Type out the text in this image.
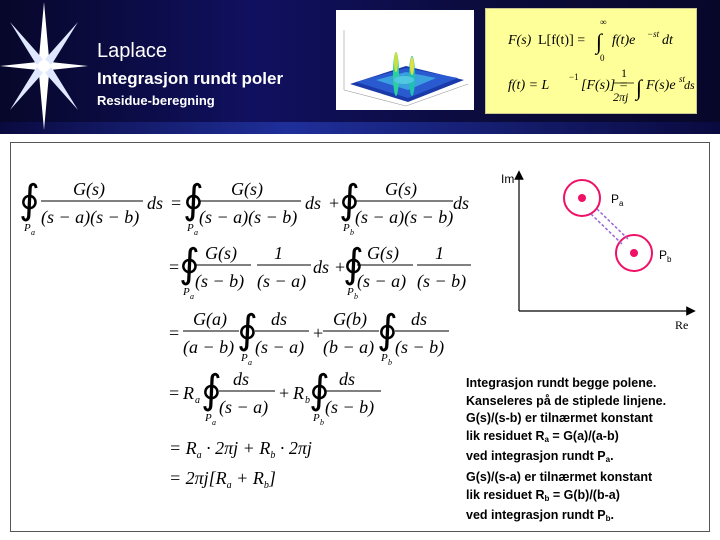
Laplace
Integrasjon rundt poler
Residue-beregning
F(s) L[f(t)] =
∞
∫
0
f(t)e −st dt
f(t) = L
−1
[F(s)] =
1
2πj ∫ F(s)e st
ds
∮
P a
G(s)
(s − a)(s − b)
ds = ∮
P a
G(s)
(s − a)(s − b)
ds + ∮
P b
G(s)
(s − a)(s − b)
ds
= ∮
P a
G(s)
(s − b)
1
(s − a)
ds +
∮
P b
G(s)
(s − a)
1
(s − b)
=
G(a)
(a − b) ∮
P a
ds
(s − a)
+
G(b)
(b − a) ∮
P b
ds
(s − b)
= R a ∮
P a
ds
(s − a)
+ R b ∮
P b
ds
(s − b)
= $R_a \cdot 2\pi j + R_b \cdot 2\pi j$
= $2\pi j[R_a + R_b]$
Im
Re
$P_a$
$P_b$
Integrasjon rundt begge polene.
Kanseleres på de stiplede linjene.
G(s)/(s-b) er tilnærmet konstant
lik residuet $R_a = G(a)/(a-b)$
ved integrasjon rundt $P_a$.
G(s)/(s-a) er tilnærmet konstant
lik residuet $R_b = G(b)/(b-a)$
ved integrasjon rundt $P_b$.
